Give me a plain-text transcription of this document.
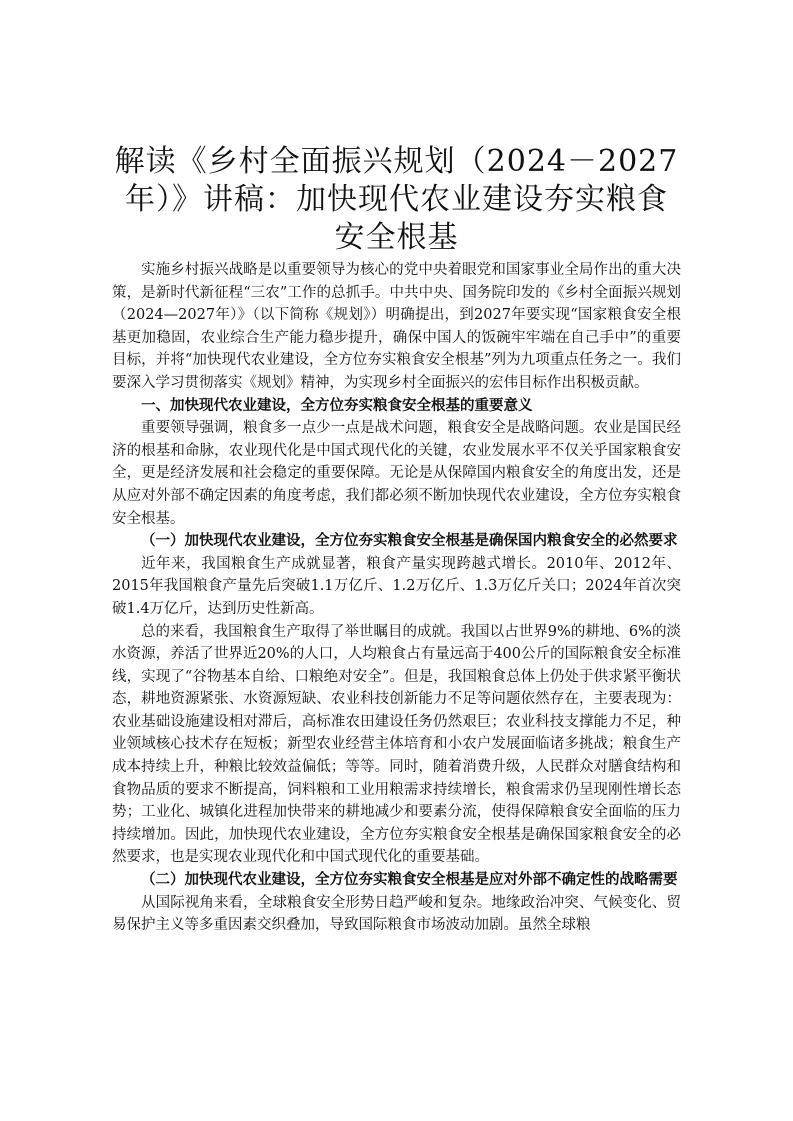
解读《乡村全面振兴规划（2024－2027年）》讲稿：加快现代农业建设夯实粮食安全根基

实施乡村振兴战略是以重要领导为核心的党中央着眼党和国家事业全局作出的重大决策，是新时代新征程“三农”工作的总抓手。中共中央、国务院印发的《乡村全面振兴规划（2024—2027年）》（以下简称《规划》）明确提出，到2027年要实现“国家粮食安全根基更加稳固，农业综合生产能力稳步提升，确保中国人的饭碗牢牢端在自己手中”的重要目标，并将“加快现代农业建设，全方位夯实粮食安全根基”列为九项重点任务之一。我们要深入学习贯彻落实《规划》精神，为实现乡村全面振兴的宏伟目标作出积极贡献。

一、加快现代农业建设，全方位夯实粮食安全根基的重要意义

重要领导强调，粮食多一点少一点是战术问题，粮食安全是战略问题。农业是国民经济的根基和命脉，农业现代化是中国式现代化的关键，农业发展水平不仅关乎国家粮食安全，更是经济发展和社会稳定的重要保障。无论是从保障国内粮食安全的角度出发，还是从应对外部不确定因素的角度考虑，我们都必须不断加快现代农业建设，全方位夯实粮食安全根基。

（一）加快现代农业建设，全方位夯实粮食安全根基是确保国内粮食安全的必然要求

近年来，我国粮食生产成就显著，粮食产量实现跨越式增长。2010年、2012年、2015年我国粮食产量先后突破1.1万亿斤、1.2万亿斤、1.3万亿斤关口；2024年首次突破1.4万亿斤，达到历史性新高。

总的来看，我国粮食生产取得了举世瞩目的成就。我国以占世界9%的耕地、6%的淡水资源，养活了世界近20%的人口，人均粮食占有量远高于400公斤的国际粮食安全标准线，实现了“谷物基本自给、口粮绝对安全”。但是，我国粮食总体上仍处于供求紧平衡状态，耕地资源紧张、水资源短缺、农业科技创新能力不足等问题依然存在，主要表现为：农业基础设施建设相对滞后，高标准农田建设任务仍然艰巨；农业科技支撑能力不足，种业领域核心技术存在短板；新型农业经营主体培育和小农户发展面临诸多挑战；粮食生产成本持续上升，种粮比较效益偏低；等等。同时，随着消费升级，人民群众对膳食结构和食物品质的要求不断提高，饲料粮和工业用粮需求持续增长，粮食需求仍呈现刚性增长态势；工业化、城镇化进程加快带来的耕地减少和要素分流，使得保障粮食安全面临的压力持续增加。因此，加快现代农业建设，全方位夯实粮食安全根基是确保国家粮食安全的必然要求，也是实现农业现代化和中国式现代化的重要基础。

（二）加快现代农业建设，全方位夯实粮食安全根基是应对外部不确定性的战略需要

从国际视角来看，全球粮食安全形势日趋严峻和复杂。地缘政治冲突、气候变化、贸易保护主义等多重因素交织叠加，导致国际粮食市场波动加剧。虽然全球粮
